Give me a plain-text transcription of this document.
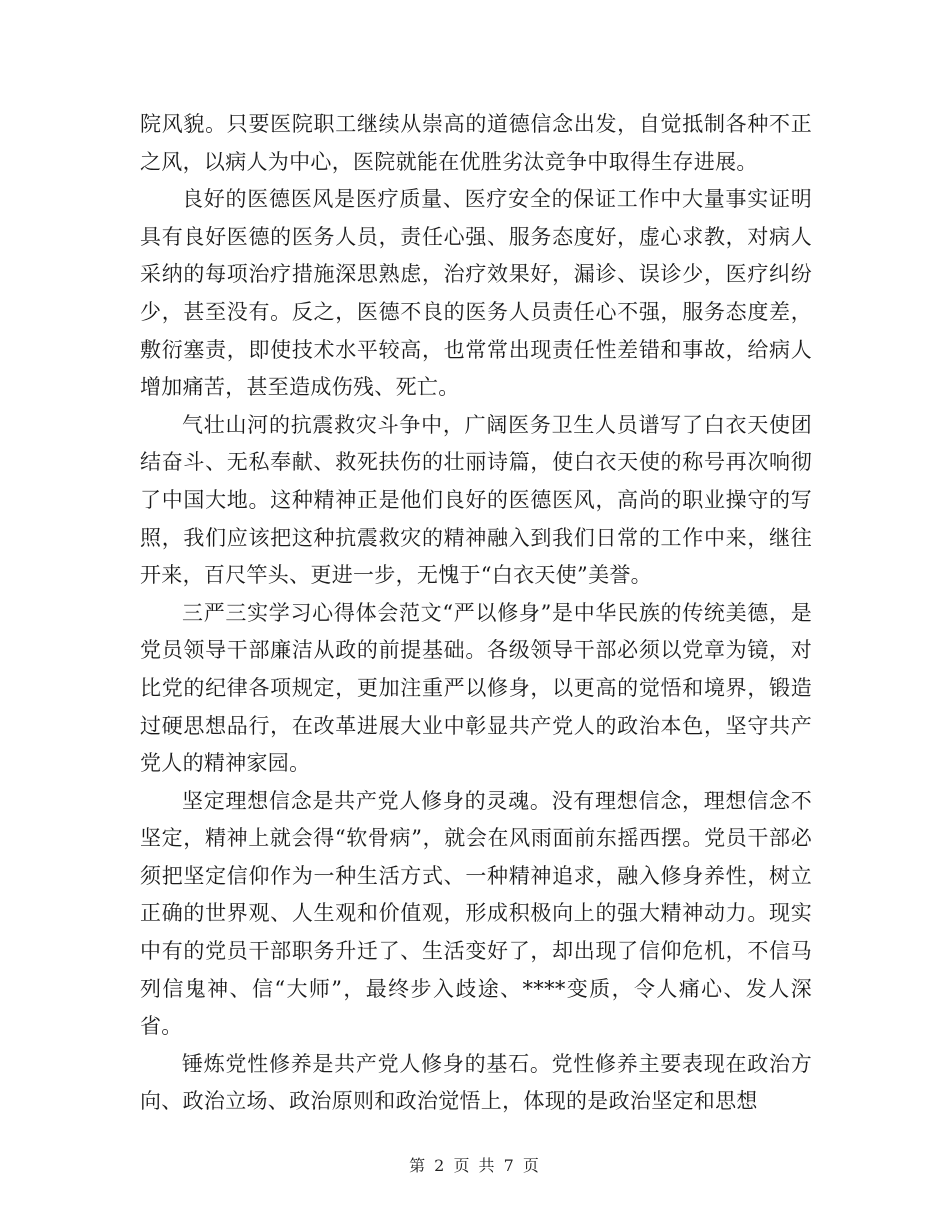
院风貌。只要医院职工继续从崇高的道德信念出发，自觉抵制各种不正之风，以病人为中心，医院就能在优胜劣汰竞争中取得生存进展。

良好的医德医风是医疗质量、医疗安全的保证工作中大量事实证明具有良好医德的医务人员，责任心强、服务态度好，虚心求教，对病人采纳的每项治疗措施深思熟虑，治疗效果好，漏诊、误诊少，医疗纠纷少，甚至没有。反之，医德不良的医务人员责任心不强，服务态度差，敷衍塞责，即使技术水平较高，也常常出现责任性差错和事故，给病人增加痛苦，甚至造成伤残、死亡。

气壮山河的抗震救灾斗争中，广阔医务卫生人员谱写了白衣天使团结奋斗、无私奉献、救死扶伤的壮丽诗篇，使白衣天使的称号再次响彻了中国大地。这种精神正是他们良好的医德医风，高尚的职业操守的写照，我们应该把这种抗震救灾的精神融入到我们日常的工作中来，继往开来，百尺竿头、更进一步，无愧于“白衣天使”美誉。

三严三实学习心得体会范文“严以修身”是中华民族的传统美德，是党员领导干部廉洁从政的前提基础。各级领导干部必须以党章为镜，对比党的纪律各项规定，更加注重严以修身，以更高的觉悟和境界，锻造过硬思想品行，在改革进展大业中彰显共产党人的政治本色，坚守共产党人的精神家园。

坚定理想信念是共产党人修身的灵魂。没有理想信念，理想信念不坚定，精神上就会得“软骨病”，就会在风雨面前东摇西摆。党员干部必须把坚定信仰作为一种生活方式、一种精神追求，融入修身养性，树立正确的世界观、人生观和价值观，形成积极向上的强大精神动力。现实中有的党员干部职务升迁了、生活变好了，却出现了信仰危机，不信马列信鬼神、信“大师”，最终步入歧途、****变质，令人痛心、发人深省。

锤炼党性修养是共产党人修身的基石。党性修养主要表现在政治方向、政治立场、政治原则和政治觉悟上，体现的是政治坚定和思想

第 2 页 共 7 页
